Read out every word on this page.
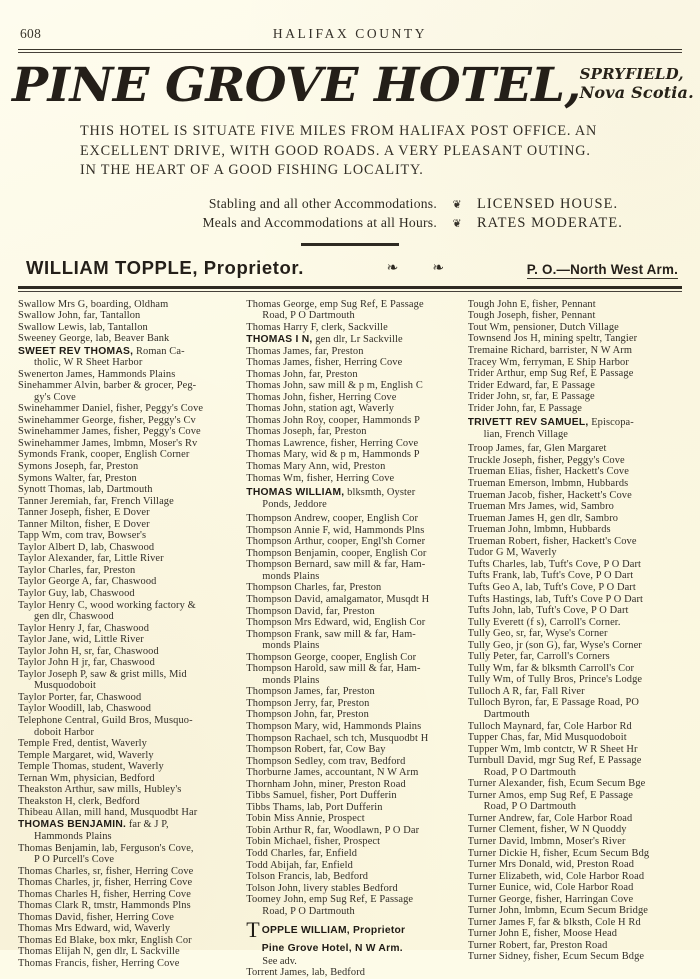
608	HALIFAX COUNTY
PINE GROVE HOTEL,
SPRYFIELD,
Nova Scotia.
THIS HOTEL IS SITUATE FIVE MILES FROM HALIFAX POST OFFICE. AN
EXCELLENT DRIVE, WITH GOOD ROADS. A VERY PLEASANT OUTING.
IN THE HEART OF A GOOD FISHING LOCALITY.
Stabling and all other Accommodations.	❦	LICENSED HOUSE.
Meals and Accommodations at all Hours.	❦	RATES MODERATE.
WILLIAM TOPPLE, Proprietor.	❧ ❧	P. O.—North West Arm.
Swallow Mrs G, boarding, Oldham
Swallow John, far, Tantallon
Swallow Lewis, lab, Tantallon
Sweeney George, lab, Beaver Bank
SWEET REV THOMAS, Roman Ca-
tholic, W R Sheet Harbor
Swenerton James, Hammonds Plains
Sinehammer Alvin, barber & grocer, Peg-
gy's Cove
Swinehammer Daniel, fisher, Peggy's Cove
Swinehammer George, fisher, Peggy's Cv
Swinehammer James, fisher, Peggy's Cove
Swinehammer James, lmbmn, Moser's Rv
Symonds Frank, cooper, English Corner
Symons Joseph, far, Preston
Symons Walter, far, Preston
Synott Thomas, lab, Dartmouth
Tanner Jeremiah, far, French Village
Tanner Joseph, fisher, E Dover
Tanner Milton, fisher, E Dover
Tapp Wm, com trav, Bowser's
Taylor Albert D, lab, Chaswood
Taylor Alexander, far, Little River
Taylor Charles, far, Preston
Taylor George A, far, Chaswood
Taylor Guy, lab, Chaswood
Taylor Henry C, wood working factory &
gen dlr, Chaswood
Taylor Henry J, far, Chaswood
Taylor Jane, wid, Little River
Taylor John H, sr, far, Chaswood
Taylor John H jr, far, Chaswood
Taylor Joseph P, saw & grist mills, Mid
Musquodoboit
Taylor Porter, far, Chaswood
Taylor Woodill, lab, Chaswood
Telephone Central, Guild Bros, Musquo-
doboit Harbor
Temple Fred, dentist, Waverly
Temple Margaret, wid, Waverly
Temple Thomas, student, Waverly
Ternan Wm, physician, Bedford
Theakston Arthur, saw mills, Hubley's
Theakston H, clerk, Bedford
Thibeau Allan, mill hand, Musquodbt Har
THOMAS BENJAMIN. far & J P,
Hammonds Plains
Thomas Benjamin, lab, Ferguson's Cove,
P O Purcell's Cove
Thomas Charles, sr, fisher, Herring Cove
Thomas Charles, jr, fisher, Herring Cove
Thomas Charles H, fisher, Herring Cove
Thomas Clark R, tmstr, Hammonds Plns
Thomas David, fisher, Herring Cove
Thomas Mrs Edward, wid, Waverly
Thomas Ed Blake, box mkr, English Cor
Thomas Elijah N, gen dlr, L Sackville
Thomas Francis, fisher, Herring Cove
Thomas George, emp Sug Ref, E Passage
Road, P O Dartmouth
Thomas Harry F, clerk, Sackville
THOMAS I N, gen dlr, Lr Sackville
Thomas James, far, Preston
Thomas James, fisher, Herring Cove
Thomas John, far, Preston
Thomas John, saw mill & p m, English C
Thomas John, fisher, Herring Cove
Thomas John, station agt, Waverly
Thomas John Roy, cooper, Hammonds P
Thomas Joseph, far, Preston
Thomas Lawrence, fisher, Herring Cove
Thomas Mary, wid & p m, Hammonds P
Thomas Mary Ann, wid, Preston
Thomas Wm, fisher, Herring Cove
THOMAS WILLIAM, blksmth, Oyster
Ponds, Jeddore
Thompson Andrew, cooper, English Cor
Thompson Annie F, wid, Hammonds Plns
Thompson Arthur, cooper, Engl'sh Corner
Thompson Benjamin, cooper, English Cor
Thompson Bernard, saw mill & far, Ham-
monds Plains
Thompson Charles, far, Preston
Thompson David, amalgamator, Musqdt H
Thompson David, far, Preston
Thompson Mrs Edward, wid, English Cor
Thompson Frank, saw mill & far, Ham-
monds Plains
Thompson George, cooper, English Cor
Thompson Harold, saw mill & far, Ham-
monds Plains
Thompson James, far, Preston
Thompson Jerry, far, Preston
Thompson John, far, Preston
Thompson Mary, wid, Hammonds Plains
Thompson Rachael, sch tch, Musquodbt H
Thompson Robert, far, Cow Bay
Thompson Sedley, com trav, Bedford
Thorburne James, accountant, N W Arm
Thornham John, miner, Preston Road
Tibbs Samuel, fisher, Port Dufferin
Tibbs Thams, lab, Port Dufferin
Tobin Miss Annie, Prospect
Tobin Arthur R, far, Woodlawn, P O Dar
Tobin Michael, fisher, Prospect
Todd Charles, far, Enfield
Todd Abijah, far, Enfield
Tolson Francis, lab, Bedford
Tolson John, livery stables Bedford
Toomey John, emp Sug Ref, E Passage
Road, P O Dartmouth
TOPPLE WILLIAM, Proprietor
Pine Grove Hotel, N W Arm.
See adv.
Torrent James, lab, Bedford
Tough John E, fisher, Pennant
Tough Joseph, fisher, Pennant
Tout Wm, pensioner, Dutch Village
Townsend Jos H, mining speltr, Tangier
Tremaine Richard, barrister, N W Arm
Tracey Wm, ferryman, E Ship Harbor
Trider Arthur, emp Sug Ref, E Passage
Trider Edward, far, E Passage
Trider John, sr, far, E Passage
Trider John, far, E Passage
TRIVETT REV SAMUEL, Episcopa-
lian, French Village
Troop James, far, Glen Margaret
Truckle Joseph, fisher, Peggy's Cove
Trueman Elias, fisher, Hackett's Cove
Trueman Emerson, lmbmn, Hubbards
Trueman Jacob, fisher, Hackett's Cove
Trueman Mrs James, wid, Sambro
Trueman James H, gen dlr, Sambro
Trueman John, lmbmn, Hubbards
Trueman Robert, fisher, Hackett's Cove
Tudor G M, Waverly
Tufts Charles, lab, Tuft's Cove, P O Dart
Tufts Frank, lab, Tuft's Cove, P O Dart
Tufts Geo A, lab, Tuft's Cove, P O Dart
Tufts Hastings, lab, Tuft's Cove P O Dart
Tufts John, lab, Tuft's Cove, P O Dart
Tully Everett (f s), Carroll's Corner.
Tully Geo, sr, far, Wyse's Corner
Tully Geo, jr (son G), far, Wyse's Corner
Tully Peter, far, Carroll's Corners
Tully Wm, far & blksmth Carroll's Cor
Tully Wm, of Tully Bros, Prince's Lodge
Tulloch A R, far, Fall River
Tulloch Byron, far, E Passage Road, PO
Dartmouth
Tulloch Maynard, far, Cole Harbor Rd
Tupper Chas, far, Mid Musquodoboit
Tupper Wm, lmb contctr, W R Sheet Hr
Turnbull David, mgr Sug Ref, E Passage
Road, P O Dartmouth
Turner Alexander, fish, Ecum Secum Bge
Turner Amos, emp Sug Ref, E Passage
Road, P O Dartmouth
Turner Andrew, far, Cole Harbor Road
Turner Clement, fisher, W N Quoddy
Turner David, lmbmn, Moser's River
Turner Dickie H, fisher, Ecum Secum Bdg
Turner Mrs Donald, wid, Preston Road
Turner Elizabeth, wid, Cole Harbor Road
Turner Eunice, wid, Cole Harbor Road
Turner George, fisher, Harringan Cove
Turner John, lmbmn, Ecum Secum Bridge
Turner James F, far & blksth, Cole H Rd
Turner John E, fisher, Moose Head
Turner Robert, far, Preston Road
Turner Sidney, fisher, Ecum Secum Bdge
